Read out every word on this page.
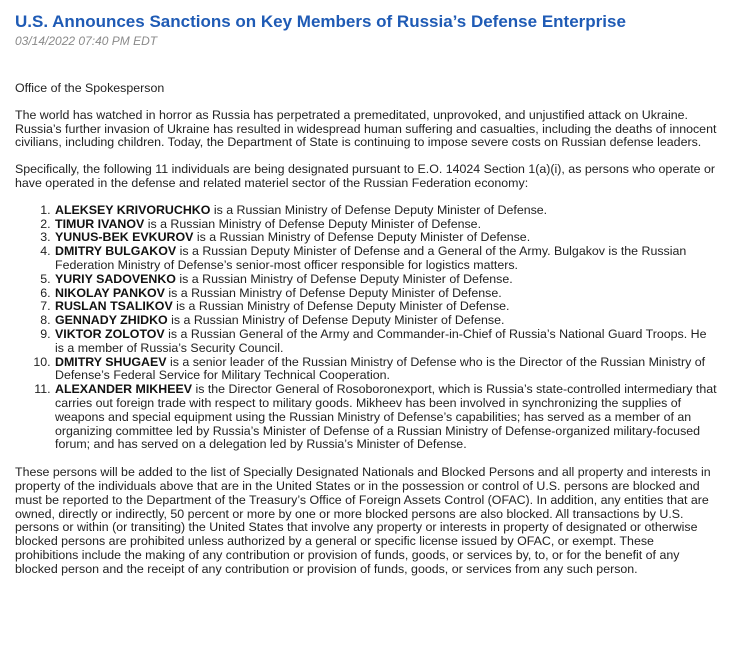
U.S. Announces Sanctions on Key Members of Russia’s Defense Enterprise
03/14/2022 07:40 PM EDT

Office of the Spokesperson

The world has watched in horror as Russia has perpetrated a premeditated, unprovoked, and unjustified attack on Ukraine. Russia’s further invasion of Ukraine has resulted in widespread human suffering and casualties, including the deaths of innocent civilians, including children. Today, the Department of State is continuing to impose severe costs on Russian defense leaders.

Specifically, the following 11 individuals are being designated pursuant to E.O. 14024 Section 1(a)(i), as persons who operate or have operated in the defense and related materiel sector of the Russian Federation economy:

1. ALEKSEY KRIVORUCHKO is a Russian Ministry of Defense Deputy Minister of Defense.
2. TIMUR IVANOV is a Russian Ministry of Defense Deputy Minister of Defense.
3. YUNUS-BEK EVKUROV is a Russian Ministry of Defense Deputy Minister of Defense.
4. DMITRY BULGAKOV is a Russian Deputy Minister of Defense and a General of the Army. Bulgakov is the Russian Federation Ministry of Defense’s senior-most officer responsible for logistics matters.
5. YURIY SADOVENKO is a Russian Ministry of Defense Deputy Minister of Defense.
6. NIKOLAY PANKOV is a Russian Ministry of Defense Deputy Minister of Defense.
7. RUSLAN TSALIKOV is a Russian Ministry of Defense Deputy Minister of Defense.
8. GENNADY ZHIDKO is a Russian Ministry of Defense Deputy Minister of Defense.
9. VIKTOR ZOLOTOV is a Russian General of the Army and Commander-in-Chief of Russia’s National Guard Troops. He is a member of Russia’s Security Council.
10. DMITRY SHUGAEV is a senior leader of the Russian Ministry of Defense who is the Director of the Russian Ministry of Defense’s Federal Service for Military Technical Cooperation.
11. ALEXANDER MIKHEEV is the Director General of Rosoboronexport, which is Russia’s state-controlled intermediary that carries out foreign trade with respect to military goods. Mikheev has been involved in synchronizing the supplies of weapons and special equipment using the Russian Ministry of Defense’s capabilities; has served as a member of an organizing committee led by Russia’s Minister of Defense of a Russian Ministry of Defense-organized military-focused forum; and has served on a delegation led by Russia’s Minister of Defense.

These persons will be added to the list of Specially Designated Nationals and Blocked Persons and all property and interests in property of the individuals above that are in the United States or in the possession or control of U.S. persons are blocked and must be reported to the Department of the Treasury’s Office of Foreign Assets Control (OFAC). In addition, any entities that are owned, directly or indirectly, 50 percent or more by one or more blocked persons are also blocked. All transactions by U.S. persons or within (or transiting) the United States that involve any property or interests in property of designated or otherwise blocked persons are prohibited unless authorized by a general or specific license issued by OFAC, or exempt. These prohibitions include the making of any contribution or provision of funds, goods, or services by, to, or for the benefit of any blocked person and the receipt of any contribution or provision of funds, goods, or services from any such person.
